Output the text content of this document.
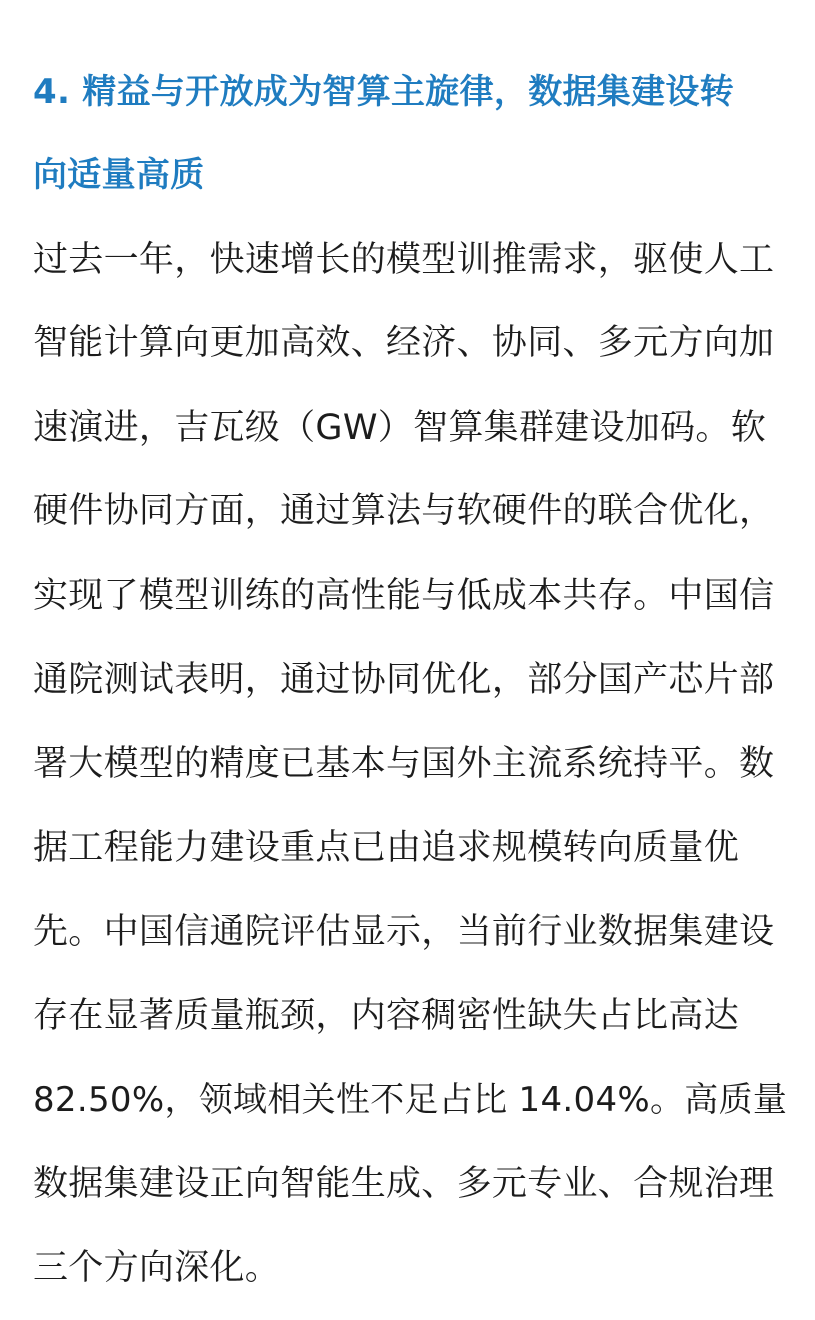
4. 精益与开放成为智算主旋律，数据集建设转
向适量高质
过去一年，快速增长的模型训推需求，驱使人工
智能计算向更加高效、经济、协同、多元方向加
速演进，吉瓦级（GW）智算集群建设加码。软
硬件协同方面，通过算法与软硬件的联合优化，
实现了模型训练的高性能与低成本共存。中国信
通院测试表明，通过协同优化，部分国产芯片部
署大模型的精度已基本与国外主流系统持平。数
据工程能力建设重点已由追求规模转向质量优
先。中国信通院评估显示，当前行业数据集建设
存在显著质量瓶颈，内容稠密性缺失占比高达
82.50%，领域相关性不足占比 14.04%。高质量
数据集建设正向智能生成、多元专业、合规治理
三个方向深化。
